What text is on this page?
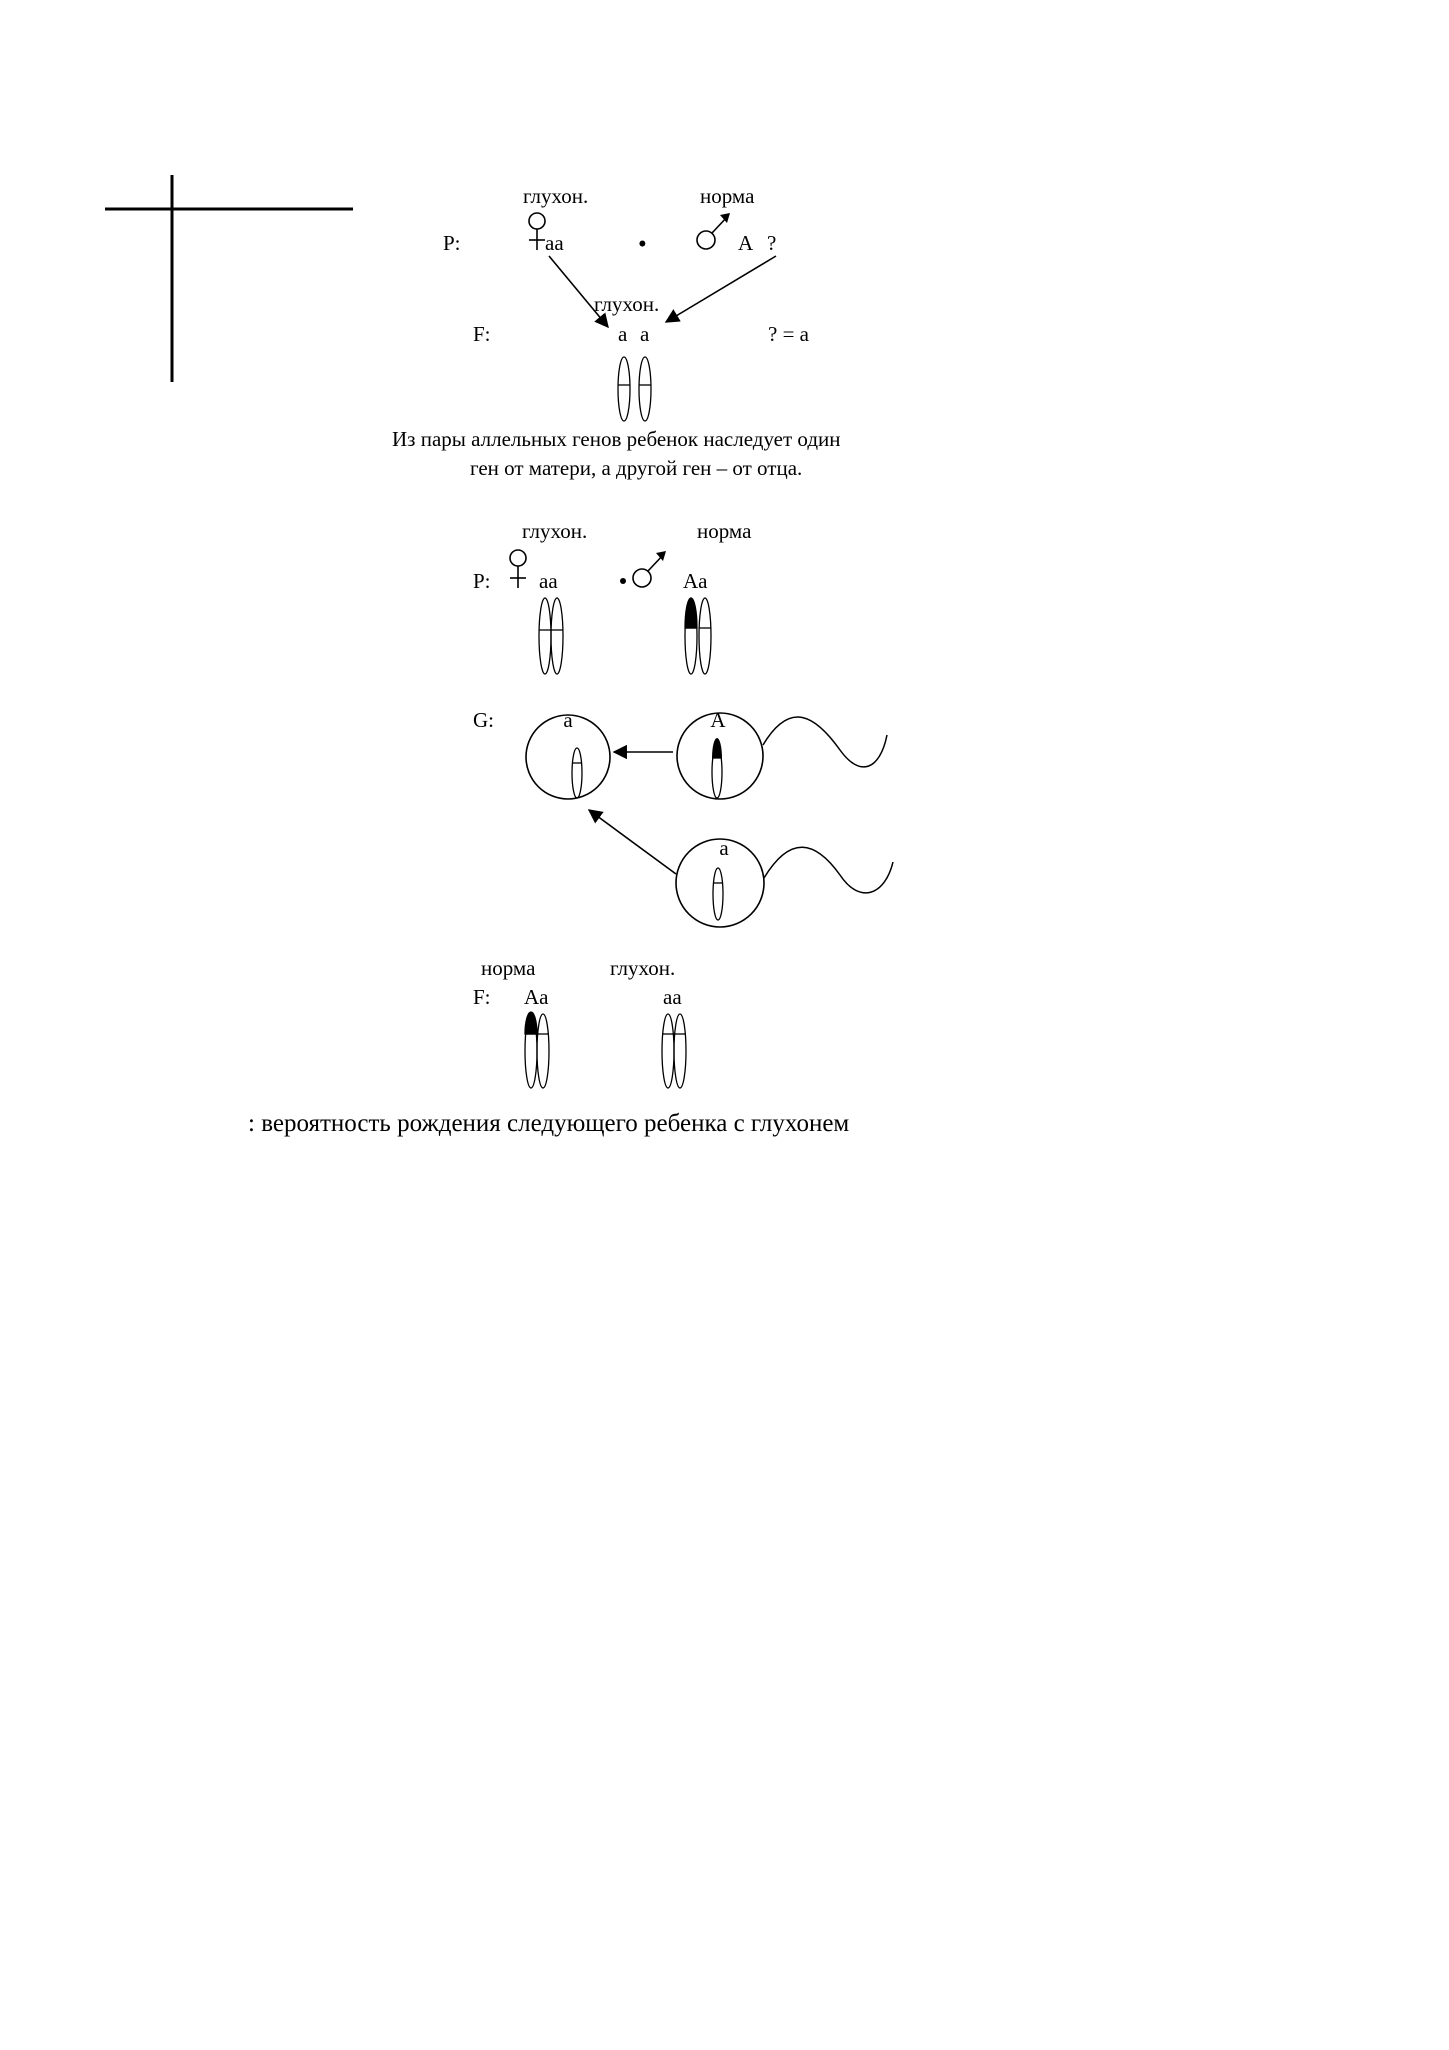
глухон.	норма
P:	aa	•	A ?
глухон.
F:	a a	? = a
Из пары аллельных генов ребенок наследует один
ген от матери, а другой ген – от отца.
глухон.	норма
P: aa	Aa
G:	a	A
a
норма	глухон.
F: Aa	aa
: вероятность рождения следующего ребенка с глухонем
